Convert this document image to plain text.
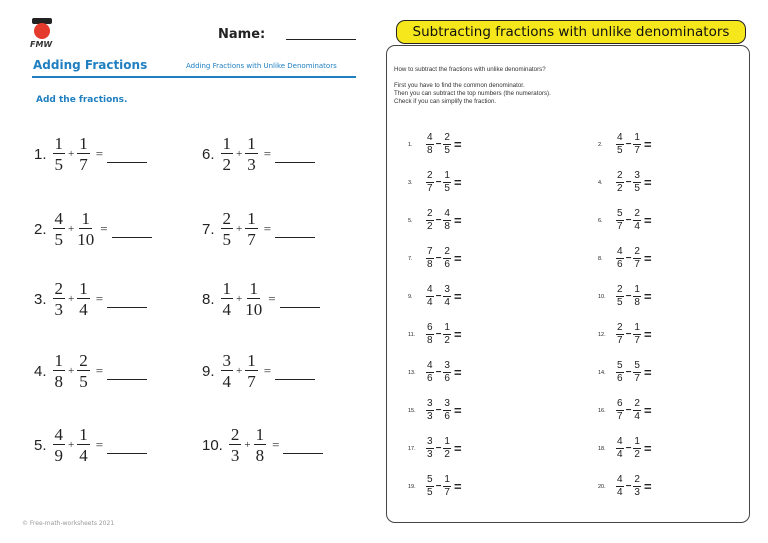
FMW
Name:
Adding Fractions	Adding Fractions with Unlike Denominators
Add the fractions.
1. $\frac{1}{5} + \frac{1}{7}$ =
2. $\frac{4}{5} + \frac{1}{10}$ =
3. $\frac{2}{3} + \frac{1}{4}$ =
4. $\frac{1}{8} + \frac{2}{5}$ =
5. $\frac{4}{9} + \frac{1}{4}$ =
6. $\frac{1}{2} + \frac{1}{3}$ =
7. $\frac{2}{5} + \frac{1}{7}$ =
8. $\frac{1}{4} + \frac{1}{10}$ =
9. $\frac{3}{4} + \frac{1}{7}$ =
10. $\frac{2}{3} + \frac{1}{8}$ =
© Free-math-worksheets 2021
Subtracting fractions with unlike denominators
How to subtract the fractions with unlike denominators?

First you have to find the common denominator.
Then you can subtract the top numbers (the numerators).
Check if you can simplify the fraction.
1.	$\frac{4}{8} - \frac{2}{5}$ =	2.	$\frac{4}{5} - \frac{1}{7}$ =
3.	$\frac{2}{7} - \frac{1}{5}$ =	4.	$\frac{2}{2} - \frac{3}{5}$ =
5.	$\frac{2}{2} - \frac{4}{8}$ =	6.	$\frac{5}{7} - \frac{2}{4}$ =
7.	$\frac{7}{8} - \frac{2}{6}$ =	8.	$\frac{4}{6} - \frac{2}{7}$ =
9.	$\frac{4}{4} - \frac{3}{4}$ =	10.	$\frac{2}{5} - \frac{1}{8}$ =
11.	$\frac{6}{8} - \frac{1}{2}$ =	12.	$\frac{2}{7} - \frac{1}{7}$ =
13.	$\frac{4}{6} - \frac{3}{6}$ =	14.	$\frac{5}{6} - \frac{5}{7}$ =
15.	$\frac{3}{3} - \frac{3}{6}$ =	16.	$\frac{6}{7} - \frac{2}{4}$ =
17.	$\frac{3}{3} - \frac{1}{2}$ =	18.	$\frac{4}{4} - \frac{1}{2}$ =
19.	$\frac{5}{5} - \frac{1}{7}$ =	20.	$\frac{4}{4} - \frac{2}{3}$ =
